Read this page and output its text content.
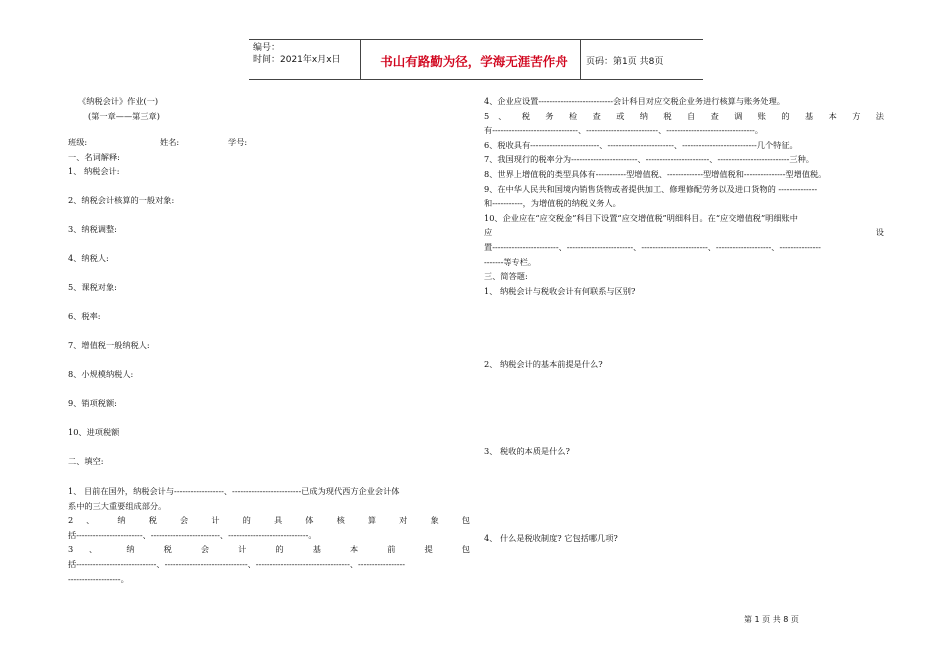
编号：
时间：2021年x月x日	书山有路勤为径，学海无涯苦作舟	页码：第1页 共8页
《纳税会计》作业(一)
(第一章——第三章)
班级:	姓名:	学号:
一、名词解释:
1、 纳税会计:
2、纳税会计核算的一般对象:
3、纳税调整:
4、纳税人:
5、课税对象:
6、税率:
7、增值税一般纳税人:
8、小规模纳税人:
9、销项税额:
10、进项税额
二、填空:
1、 目前在国外，纳税会计与------------------、-------------------------已成为现代西方企业会计体
系中的三大重要组成部分。
2 、 纳 税 会 计 的 具 体 核 算 对 象 包
括------------------------、-------------------------、-----------------------------。
3 、 纳 税 会 计 的 基 本 前 提 包
括-----------------------------、------------------------------、----------------------------------、-----------------
-------------------。
4、企业应设置---------------------------会计科目对应交税企业务进行核算与账务处理。
5 、 税 务 检 查 或 纳 税 自 查 调 账 的 基 本 方 法
有-------------------------------、--------------------------、--------------------------------。
6、税收具有-------------------------、------------------------、---------------------------几个特征。
7、我国现行的税率分为------------------------、-----------------------、--------------------------三种。
8、世界上增值税的类型具体有-----------型增值税、-------------型增值税和---------------型增值税。
9、在中华人民共和国境内销售货物或者提供加工、修理修配劳务以及进口货物的 --------------
和-----------，为增值税的纳税义务人。
10、企业应在“应交税金”科目下设置“应交增值税”明细科目。在“应交增值税”明细账中
应	设
置------------------------、------------------------、------------------------、--------------------、---------------
-------等专栏。
三、简答题:
1、 纳税会计与税收会计有何联系与区别?
2、 纳税会计的基本前提是什么?
3、 税收的本质是什么?
4、 什么是税收制度? 它包括哪几项?
第 1 页 共 8 页
